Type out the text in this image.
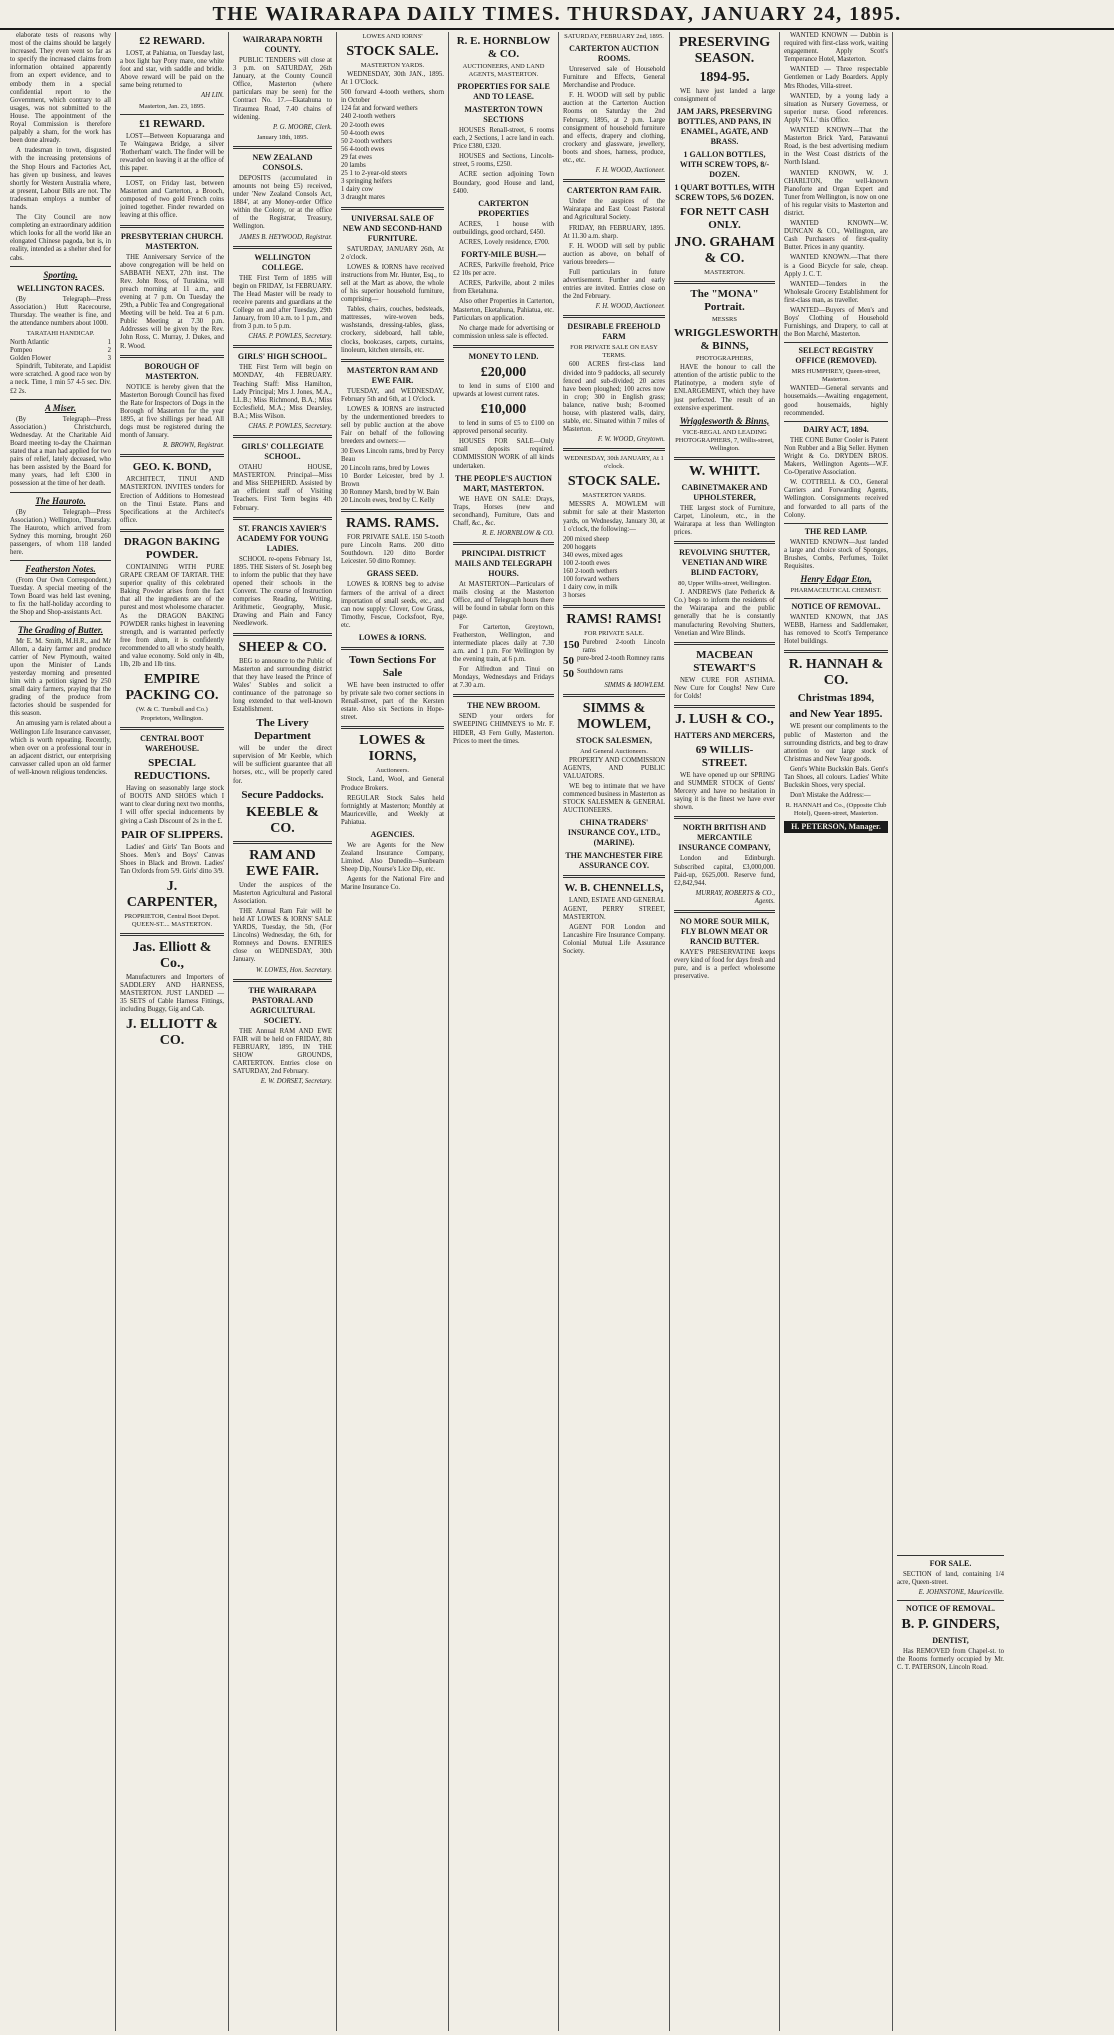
THE WAIRARAPA DAILY TIMES. THURSDAY, JANUARY 24, 1895.

elaborate tests of reasons why most of the claims should be largely increased. They even went so far as to specify the increased claims from information obtained apparently from an expert evidence, and to embody them in a special confidential report to the Government, which contrary to all usages, was not submitted to the House. The appointment of the Royal Commission is therefore palpably a sham, for the work has been done already.

A tradesman in town, disgusted with the increasing pretensions of the Shop Hours and Factories Act, has given up business, and leaves shortly for Western Australia where, at present, Labour Bills are not. The tradesman employs a number of hands.

The City Council are now completing an extraordinary addition which looks for all the world like an elongated Chinese pagoda, but is, in reality, intended as a shelter shed for cabs.

Sporting.
WELLINGTON RACES.

(By Telegraph—Press Association.) Hutt Racecourse, Thursday. The weather is fine, and the attendance numbers about 1000.

TARATAHI HANDICAP.
North Atlantic	1
Pompeo	2
Golden Flower	3

Spindrift, Tubiterate, and Lapidist were scratched. A good race won by a neck. Time, 1 min 57 4-5 sec. Div. £2 2s.

A Miser.

(By Telegraph—Press Association.) Christchurch, Wednesday. At the Charitable Aid Board meeting to-day the Chairman stated that a man had applied for two pairs of relief, lately deceased, who has been assisted by the Board for many years, had left £300 in possession at the time of her death.

The Hauroto.

(By Telegraph—Press Association.) Wellington, Thursday. The Hauroto, which arrived from Sydney this morning, brought 260 passengers, of whom 118 landed here.

Featherston Notes.

(From Our Own Correspondent.) Tuesday. A special meeting of the Town Board was held last evening, to fix the half-holiday according to the Shop and Shop-assistants Act.

The Grading of Butter.

Mr E. M. Smith, M.H.R., and Mr Allom, a dairy farmer and produce carrier of New Plymouth, waited upon the Minister of Lands yesterday morning and presented him with a petition signed by 250 small dairy farmers, praying that the grading of the produce from factories should be suspended for this season.

An amusing yarn is related about a Wellington Life Insurance canvasser, which is worth repeating. Recently, when over on a professional tour in an adjacent district, our enterprising canvasser called upon an old farmer of well-known religious tendencies.

£2 REWARD.

LOST, at Pahiatua, on Tuesday last, a box light bay Pony mare, one white foot and star, with saddle and bridle. Above reward will be paid on the same being returned to

AH LIN.
Masterton, Jan. 23, 1895.
£1 REWARD.

LOST—Between Kopuaranga and Te Waingawa Bridge, a silver 'Rotherham' watch. The finder will be rewarded on leaving it at the office of this paper.

LOST, on Friday last, between Masterton and Carterton, a Brooch, composed of two gold French coins joined together. Finder rewarded on leaving at this office.

PRESBYTERIAN CHURCH. MASTERTON.

THE Anniversary Service of the above congregation will be held on SABBATH NEXT, 27th inst. The Rev. John Ross, of Turakina, will preach morning at 11 a.m., and evening at 7 p.m. On Tuesday the 29th, a Public Tea and Congregational Meeting will be held. Tea at 6 p.m. Public Meeting at 7.30 p.m. Addresses will be given by the Rev. John Ross, C. Murray, J. Dukes, and R. Wood.

BOROUGH OF MASTERTON.

NOTICE is hereby given that the Masterton Borough Council has fixed the Rate for Inspectors of Dogs in the Borough of Masterton for the year 1895, at five shillings per head. All dogs must be registered during the month of January.

R. BROWN, Registrar.
GEO. K. BOND,

ARCHITECT, TINUI AND MASTERTON. INVITES tenders for Erection of Additions to Homestead on the Tinui Estate. Plans and Specifications at the Architect's office.

DRAGON BAKING POWDER.

CONTAINING WITH PURE GRAPE CREAM OF TARTAR. THE superior quality of this celebrated Baking Powder arises from the fact that all the ingredients are of the purest and most wholesome character. As the DRAGON BAKING POWDER ranks highest in leavening strength, and is warranted perfectly free from alum, it is confidently recommended to all who study health, and value economy. Sold only in 4lb, 1lb, 2lb and 1lb tins.

EMPIRE PACKING CO.
(W. & C. Turnbull and Co.)
Proprietors, Wellington.
CENTRAL BOOT WAREHOUSE.
SPECIAL REDUCTIONS.

Having on seasonably large stock of BOOTS AND SHOES which I want to clear during next two months, I will offer special inducements by giving a Cash Discount of 2s in the £.

PAIR OF SLIPPERS.

Ladies' and Girls' Tan Boots and Shoes. Men's and Boys' Canvas Shoes in Black and Brown. Ladies' Tan Oxfords from 5/9. Girls' ditto 3/9.

J. CARPENTER,
PROPRIETOR, Central Boot Depot. QUEEN-ST.... MASTERTON.
Jas. Elliott & Co.,

Manufacturers and Importers of SADDLERY AND HARNESS, MASTERTON. JUST LANDED — 35 SETS of Cable Harness Fittings, including Buggy, Gig and Cab.

J. ELLIOTT & CO.
WAIRARAPA NORTH COUNTY.

PUBLIC TENDERS will close at 3 p.m. on SATURDAY, 26th January, at the County Council Office, Masterton (where particulars may be seen) for the Contract No. 17.—Ekatahuna to Tiraumea Road, 7.40 chains of widening.

P. G. MOORE, Clerk.
January 18th, 1895.
NEW ZEALAND CONSOLS.

DEPOSITS (accumulated in amounts not being £5) received, under 'New Zealand Consols Act, 1884', at any Money-order Office within the Colony, or at the office of the Registrar, Treasury, Wellington.

JAMES B. HEYWOOD, Registrar.
WELLINGTON COLLEGE.

THE First Term of 1895 will begin on FRIDAY, 1st FEBRUARY. The Head Master will be ready to receive parents and guardians at the College on and after Tuesday, 29th January, from 10 a.m. to 1 p.m., and from 3 p.m. to 5 p.m.

CHAS. P. POWLES, Secretary.
GIRLS' HIGH SCHOOL.

THE First Term will begin on MONDAY, 4th FEBRUARY. Teaching Staff: Miss Hamilton, Lady Principal; Mrs J. Jones, M.A., LL.B.; Miss Richmond, B.A.; Miss Ecclesfield, M.A.; Miss Dearsley, B.A.; Miss Wilson.

CHAS. P. POWLES, Secretary.
GIRLS' COLLEGIATE SCHOOL.

OTAHU HOUSE, MASTERTON. Principal—Miss and Miss SHEPHERD. Assisted by an efficient staff of Visiting Teachers. First Term begins 4th February.

ST. FRANCIS XAVIER'S ACADEMY FOR YOUNG LADIES.

SCHOOL re-opens February 1st, 1895. THE Sisters of St. Joseph beg to inform the public that they have opened their schools in the Convent. The course of Instruction comprises Reading, Writing, Arithmetic, Geography, Music, Drawing and Plain and Fancy Needlework.

SHEEP & CO.

BEG to announce to the Public of Masterton and surrounding district that they have leased the Prince of Wales' Stables and solicit a continuance of the patronage so long extended to that well-known Establishment.

The Livery Department

will be under the direct supervision of Mr Keeble, which will be sufficient guarantee that all horses, etc., will be properly cared for.

Secure Paddocks.
KEEBLE & CO.
RAM AND EWE FAIR.

Under the auspices of the Masterton Agricultural and Pastoral Association.

THE Annual Ram Fair will be held AT LOWES & IORNS' SALE YARDS, Tuesday, the 5th, (For Lincolns) Wednesday, the 6th, for Romneys and Downs. ENTRIES close on WEDNESDAY, 30th January.

W. LOWES, Hon. Secretary.
THE WAIRARAPA PASTORAL AND AGRICULTURAL SOCIETY.

THE Annual RAM AND EWE FAIR will be held on FRIDAY, 8th FEBRUARY, 1895, IN THE SHOW GROUNDS, CARTERTON. Entries close on SATURDAY, 2nd February.

E. W. DORSET, Secretary.
LOWES AND IORNS'
STOCK SALE.
MASTERTON YARDS.

WEDNESDAY, 30th JAN., 1895. At 1 O'Clock.

500 forward 4-tooth wethers, shorn in October
124 fat and forward wethers
240 2-tooth wethers
20 2-tooth ewes
50 4-tooth ewes
50 2-tooth wethers
56 4-tooth ewes
29 fat ewes
20 lambs
25 1 to 2-year-old steers
3 springing heifers
1 dairy cow
3 draught mares
UNIVERSAL SALE OF NEW AND SECOND-HAND FURNITURE.

SATURDAY, JANUARY 26th, At 2 o'clock.

LOWES & IORNS have received instructions from Mr. Hunter, Esq., to sell at the Mart as above, the whole of his superior household furniture, comprising—

Tables, chairs, couches, bedsteads, mattresses, wire-woven beds, washstands, dressing-tables, glass, crockery, sideboard, hall table, clocks, bookcases, carpets, curtains, linoleum, kitchen utensils, etc.

MASTERTON RAM AND EWE FAIR.

TUESDAY, and WEDNESDAY, February 5th and 6th, at 1 O'clock.

LOWES & IORNS are instructed by the undermentioned breeders to sell by public auction at the above Fair on behalf of the following breeders and owners:—

30 Ewes Lincoln rams, bred by Percy Beau
20 Lincoln rams, bred by Lowes
10 Border Leicester, bred by J. Brown
30 Romney Marsh, bred by W. Bain
20 Lincoln ewes, bred by C. Kelly
RAMS. RAMS.

FOR PRIVATE SALE. 150 5-tooth pure Lincoln Rams. 200 ditto Southdown. 120 ditto Border Leicester. 50 ditto Romney.

GRASS SEED.

LOWES & IORNS beg to advise farmers of the arrival of a direct importation of small seeds, etc., and can now supply: Clover, Cow Grass, Timothy, Fescue, Cocksfoot, Rye, etc.

LOWES & IORNS.
Town Sections For Sale

WE have been instructed to offer by private sale two corner sections in Renall-street, part of the Kersten estate. Also six Sections in Hope-street.

LOWES & IORNS,
Auctioneers.

Stock, Land, Wool, and General Produce Brokers.

REGULAR Stock Sales held fortnightly at Masterton; Monthly at Mauriceville, and Weekly at Pahiatua.

AGENCIES.

We are Agents for the New Zealand Insurance Company, Limited. Also Dunedin—Sunbeam Sheep Dip, Nourse's Lice Dip, etc.

Agents for the National Fire and Marine Insurance Co.

R. E. HORNBLOW & CO.
AUCTIONEERS, AND LAND AGENTS, MASTERTON.
PROPERTIES FOR SALE AND TO LEASE.
MASTERTON TOWN SECTIONS

HOUSES Renall-street, 6 rooms each, 2 Sections, 1 acre land in each. Price £380, £320.

HOUSES and Sections, Lincoln-street, 5 rooms, £250.

ACRE section adjoining Town Boundary, good House and land, £400.

CARTERTON PROPERTIES

ACRES, 1 house with outbuildings, good orchard, £450.

ACRES, Lovely residence, £700.

FORTY-MILE BUSH.—

ACRES, Parkville freehold, Price £2 10s per acre.

ACRES, Parkville, about 2 miles from Eketahuna.

Also other Properties in Carterton, Masterton, Eketahuna, Pahiatua, etc. Particulars on application.

No charge made for advertising or commission unless sale is effected.

MONEY TO LEND.
£20,000

to lend in sums of £100 and upwards at lowest current rates.

£10,000

to lend in sums of £5 to £100 on approved personal security.

HOUSES FOR SALE—Only small deposits required. COMMISSION WORK of all kinds undertaken.

THE PEOPLE'S AUCTION MART, MASTERTON.

WE HAVE ON SALE: Drays, Traps, Horses (new and secondhand), Furniture, Oats and Chaff, &c., &c.

R. E. HORNBLOW & CO.
PRINCIPAL DISTRICT MAILS AND TELEGRAPH HOURS.

At MASTERTON—Particulars of mails closing at the Masterton Office, and of Telegraph hours there will be found in tabular form on this page.

For Carterton, Greytown, Featherston, Wellington, and intermediate places daily at 7.30 a.m. and 1 p.m. For Wellington by the evening train, at 6 p.m.

For Alfredton and Tinui on Mondays, Wednesdays and Fridays at 7.30 a.m.

THE NEW BROOM.

SEND your orders for SWEEPING CHIMNEYS to Mr. F. HIDER, 43 Fern Gully, Masterton. Prices to meet the times.

SATURDAY, FEBRUARY 2nd, 1895.
CARTERTON AUCTION ROOMS.

Unreserved sale of Household Furniture and Effects, General Merchandise and Produce.

F. H. WOOD will sell by public auction at the Carterton Auction Rooms on Saturday the 2nd February, 1895, at 2 p.m. Large consignment of household furniture and effects, drapery and clothing, crockery and glassware, jewellery, boots and shoes, harness, produce, etc., etc.

F. H. WOOD, Auctioneer.
CARTERTON RAM FAIR.

Under the auspices of the Wairarapa and East Coast Pastoral and Agricultural Society.

FRIDAY, 8th FEBRUARY, 1895. At 11.30 a.m. sharp.

F. H. WOOD will sell by public auction as above, on behalf of various breeders—

Full particulars in future advertisement. Further and early entries are invited. Entries close on the 2nd February.

F. H. WOOD, Auctioneer.
DESIRABLE FREEHOLD FARM
FOR PRIVATE SALE ON EASY TERMS.

600 ACRES first-class land divided into 9 paddocks, all securely fenced and sub-divided; 20 acres have been ploughed; 100 acres now in crop; 300 in English grass; balance, native bush; 8-roomed house, with plastered walls, dairy, stable, etc. Situated within 7 miles of Masterton.

F. W. WOOD, Greytown.
WEDNESDAY, 30th JANUARY, At 1 o'clock.
STOCK SALE.
MASTERTON YARDS.

MESSRS A. MOWLEM will submit for sale at their Masterton yards, on Wednesday, January 30, at 1 o'clock, the following:—

200 mixed sheep
200 hoggets
340 ewes, mixed ages
100 2-tooth ewes
160 2-tooth wethers
100 forward wethers
1 dairy cow, in milk
3 horses
RAMS! RAMS!
FOR PRIVATE SALE.
150 Purebred 2-tooth Lincoln rams
50 pure-bred 2-tooth Romney rams
50 Southdown rams
SIMMS & MOWLEM.
SIMMS & MOWLEM,
STOCK SALESMEN,
And General Auctioneers.

PROPERTY AND COMMISSION AGENTS, AND PUBLIC VALUATORS.

WE beg to intimate that we have commenced business in Masterton as STOCK SALESMEN & GENERAL AUCTIONEERS.

CHINA TRADERS' INSURANCE COY., LTD., (MARINE).
THE MANCHESTER FIRE ASSURANCE COY.
W. B. CHENNELLS,

LAND, ESTATE AND GENERAL AGENT, PERRY STREET, MASTERTON.

AGENT FOR London and Lancashire Fire Insurance Company. Colonial Mutual Life Assurance Society.

PRESERVING SEASON.
1894-95.

WE have just landed a large consignment of

JAM JARS, PRESERVING BOTTLES, AND PANS, IN ENAMEL, AGATE, AND BRASS.
1 GALLON BOTTLES, WITH SCREW TOPS, 8/- DOZEN.
1 QUART BOTTLES, WITH SCREW TOPS, 5/6 DOZEN.
FOR NETT CASH ONLY.
JNO. GRAHAM & CO.
MASTERTON.
The "MONA" Portrait.
MESSRS
WRIGGLESWORTH & BINNS,
PHOTOGRAPHERS,

HAVE the honour to call the attention of the artistic public to the Platinotype, a modern style of ENLARGEMENT, which they have just perfected. The result of an extensive experiment.

Wrigglesworth & Binns,
VICE-REGAL AND LEADING PHOTOGRAPHERS, 7, Willis-street, Wellington.
W. WHITT.
CABINETMAKER AND UPHOLSTERER,

THE largest stock of Furniture, Carpet, Linoleum, etc., in the Wairarapa at less than Wellington prices.

REVOLVING SHUTTER, VENETIAN AND WIRE BLIND FACTORY,
80, Upper Willis-street, Wellington.

J. ANDREWS (late Petherick & Co.) begs to inform the residents of the Wairarapa and the public generally that he is constantly manufacturing Revolving Shutters, Venetian and Wire Blinds.

MACBEAN STEWART'S

NEW CURE FOR ASTHMA. New Cure for Coughs! New Cure for Colds!

J. LUSH & CO.,
HATTERS AND MERCERS,
69 WILLIS-STREET.

WE have opened up our SPRING and SUMMER STOCK of Gents' Mercery and have no hesitation in saying it is the finest we have ever shown.

NORTH BRITISH AND MERCANTILE INSURANCE COMPANY,

London and Edinburgh. Subscribed capital, £3,000,000. Paid-up, £625,000. Reserve fund, £2,842,944.

MURRAY, ROBERTS & CO., Agents.
NO MORE SOUR MILK, FLY BLOWN MEAT OR RANCID BUTTER.

KAYE'S PRESERVATINE keeps every kind of food for days fresh and pure, and is a perfect wholesome preservative.

WANTED KNOWN — Dubbin is required with first-class work, waiting engagement. Apply Scott's Temperance Hotel, Masterton.

WANTED — Three respectable Gentlemen or Lady Boarders. Apply Mrs Rhodes, Villa-street.

WANTED, by a young lady a situation as Nursery Governess, or superior nurse. Good references. Apply 'N.L.' this Office.

WANTED KNOWN—That the Masterton Brick Yard, Parawanui Road, is the best advertising medium in the West Coast districts of the North Island.

WANTED KNOWN, W. J. CHARLTON, the well-known Pianoforte and Organ Expert and Tuner from Wellington, is now on one of his regular visits to Masterton and district.

WANTED KNOWN—W. DUNCAN & CO., Wellington, are Cash Purchasers of first-quality Butter. Prices in any quantity.

WANTED KNOWN.—That there is a Good Bicycle for sale, cheap. Apply J. C. T.

WANTED—Tenders in the Wholesale Grocery Establishment for first-class man, as traveller.

WANTED—Buyers of Men's and Boys' Clothing of Household Furnishings, and Drapery, to call at the Bon Marché, Masterton.

SELECT REGISTRY OFFICE (REMOVED).
MRS HUMPHREY, Queen-street, Masterton.

WANTED—General servants and housemaids.—Awaiting engagement, good housemaids, highly recommended.

DAIRY ACT, 1894.

THE CONE Butter Cooler is Patent Non Rubber and a Big Seller. Hymen Wright & Co. DRYDEN BROS. Makers, Wellington Agents—W.F. Co-Operative Association.

W. COTTRELL & CO., General Carriers and Forwarding Agents, Wellington. Consignments received and forwarded to all parts of the Colony.

THE RED LAMP.

WANTED KNOWN—Just landed a large and choice stock of Sponges, Brushes, Combs, Perfumes, Toilet Requisites.

Henry Edgar Eton,
PHARMACEUTICAL CHEMIST.
NOTICE OF REMOVAL.

WANTED KNOWN, that JAS WEBB, Harness and Saddlemaker, has removed to Scott's Temperance Hotel buildings.

R. HANNAH & CO.
Christmas 1894,
and New Year 1895.

WE present our compliments to the public of Masterton and the surrounding districts, and beg to draw attention to our large stock of Christmas and New Year goods.

Gent's White Buckskin Bals. Gent's Tan Shoes, all colours. Ladies' White Buckskin Shoes, very special.

Don't Mistake the Address:—

R. HANNAH and Co., (Opposite Club Hotel), Queen-street, Masterton.
H. PETERSON, Manager.
FOR SALE.

SECTION of land, containing 1/4 acre, Queen-street.

E. JOHNSTONE, Mauriceville.
NOTICE OF REMOVAL.
B. P. GINDERS,
DENTIST,

Has REMOVED from Chapel-st. to the Rooms formerly occupied by Mr. C. T. PATERSON, Lincoln Road.
